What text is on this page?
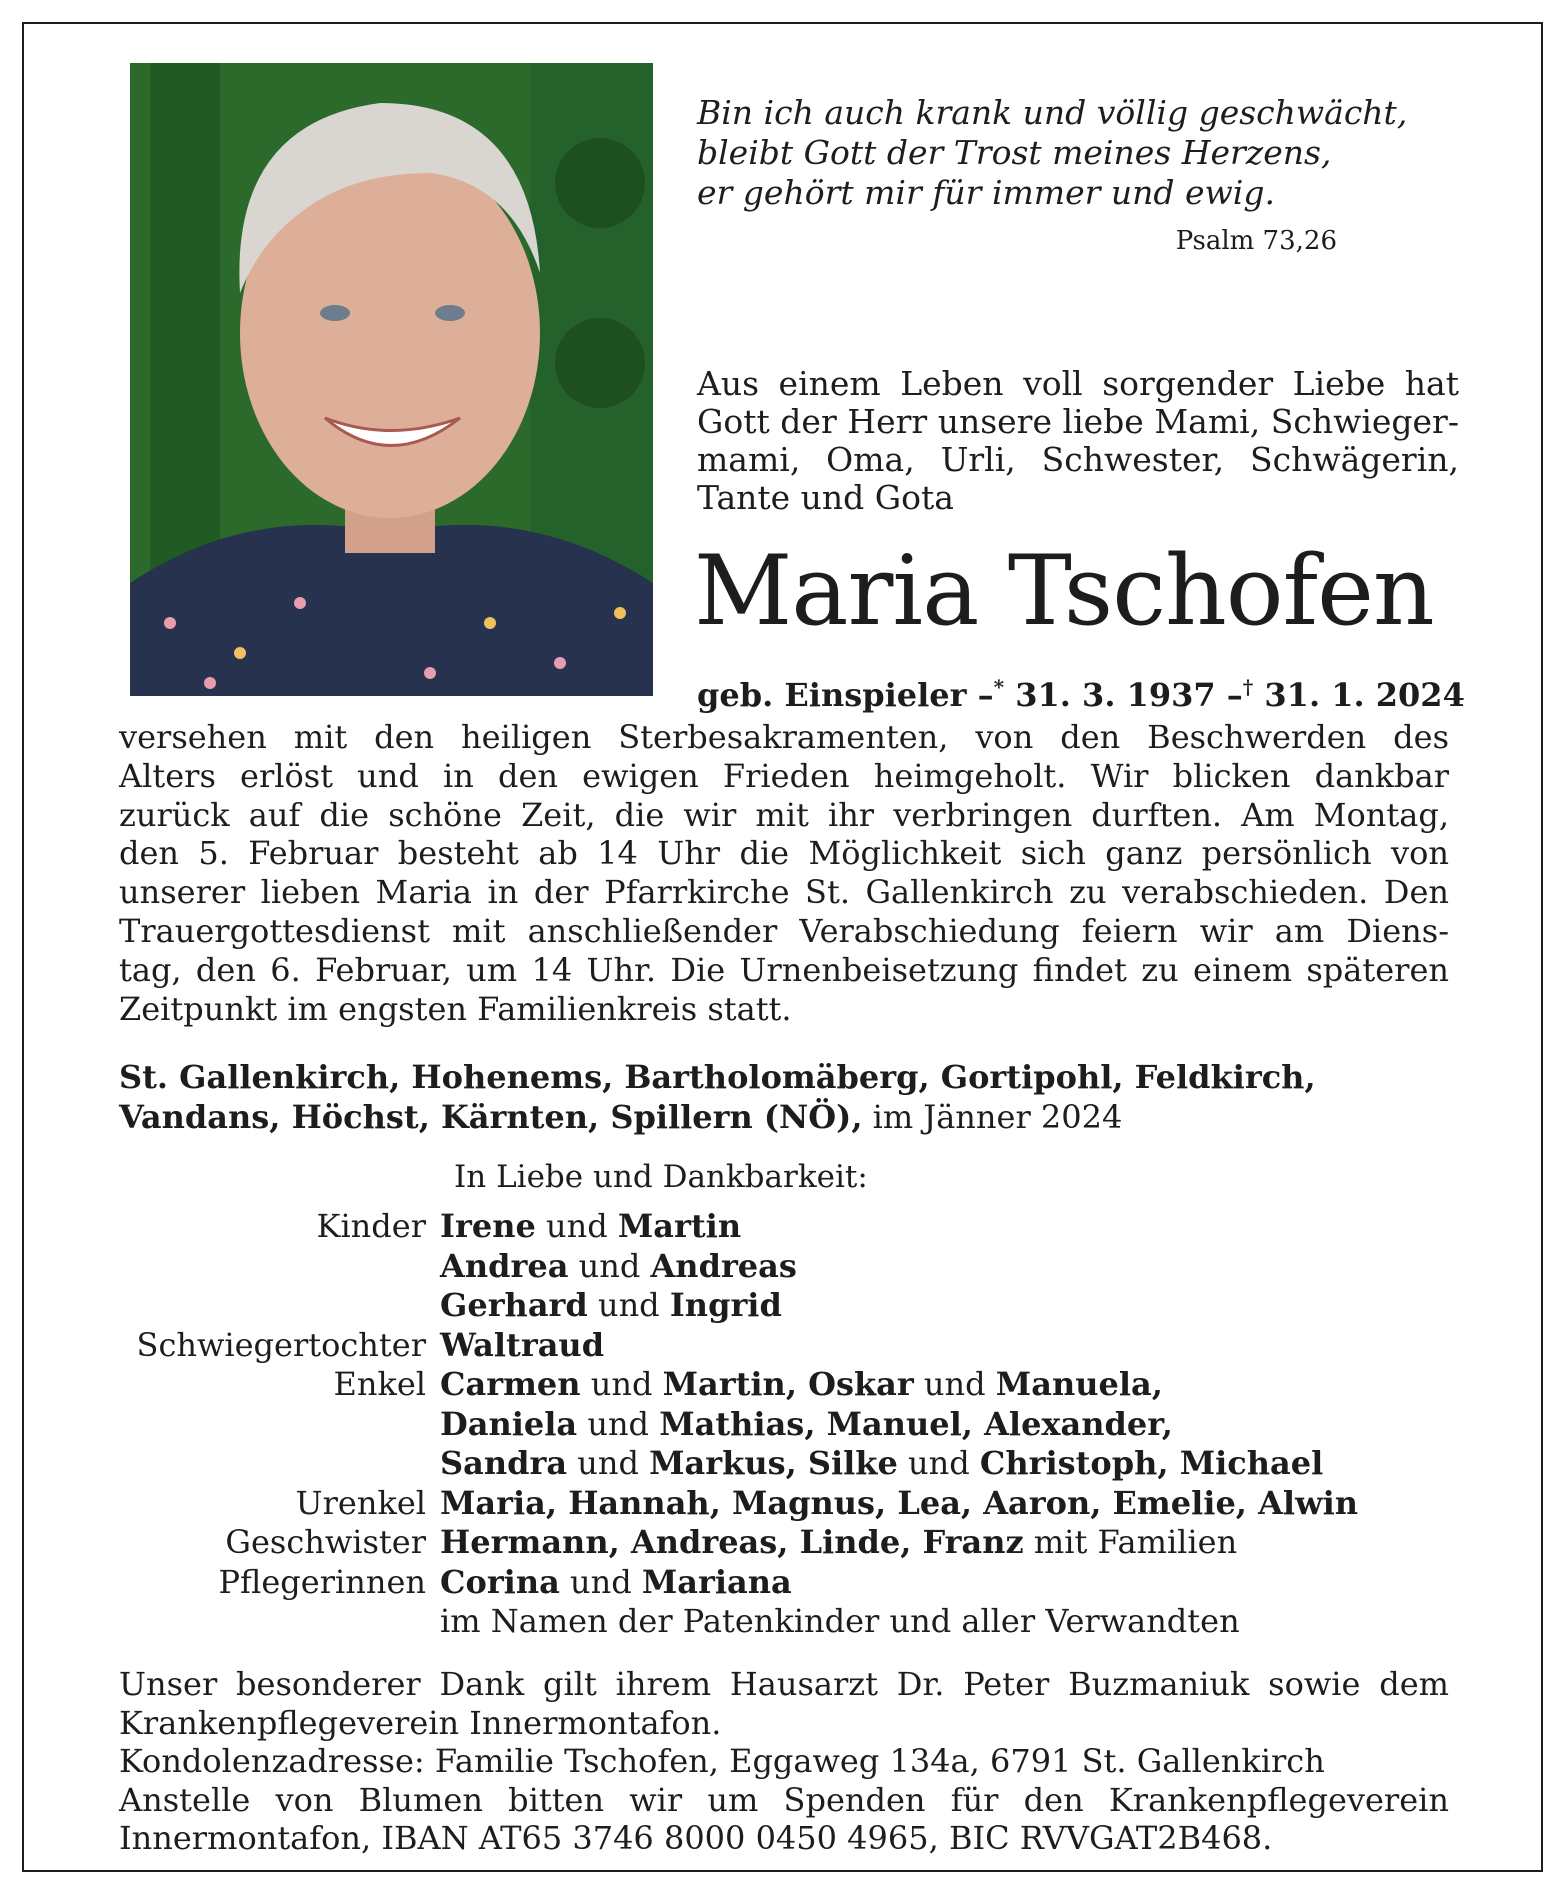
Bin ich auch krank und völlig geschwächt,
bleibt Gott der Trost meines Herzens,
er gehört mir für immer und ewig.
Psalm 73,26
Aus einem Leben voll sorgender Liebe hat
Gott der Herr unsere liebe Mami, Schwieger-
mami, Oma, Urli, Schwester, Schwägerin,
Tante und Gota
Maria Tschofen
geb. Einspieler –* 31. 3. 1937 –† 31. 1. 2024
versehen mit den heiligen Sterbesakramenten, von den Beschwerden des
Alters erlöst und in den ewigen Frieden heimgeholt. Wir blicken dankbar
zurück auf die schöne Zeit, die wir mit ihr verbringen durften. Am Montag,
den 5. Februar besteht ab 14 Uhr die Möglichkeit sich ganz persönlich von
unserer lieben Maria in der Pfarrkirche St. Gallenkirch zu verabschieden. Den
Trauergottesdienst mit anschließender Verabschiedung feiern wir am Diens-
tag, den 6. Februar, um 14 Uhr. Die Urnenbeisetzung findet zu einem späteren
Zeitpunkt im engsten Familienkreis statt.
St. Gallenkirch, Hohenems, Bartholomäberg, Gortipohl, Feldkirch,
Vandans, Höchst, Kärnten, Spillern (NÖ), im Jänner 2024
In Liebe und Dankbarkeit:
Kinder Irene und Martin
Andrea und Andreas
Gerhard und Ingrid
Schwiegertochter Waltraud
Enkel Carmen und Martin, Oskar und Manuela,
Daniela und Mathias, Manuel, Alexander,
Sandra und Markus, Silke und Christoph, Michael
Urenkel Maria, Hannah, Magnus, Lea, Aaron, Emelie, Alwin
Geschwister Hermann, Andreas, Linde, Franz mit Familien
Pflegerinnen Corina und Mariana
im Namen der Patenkinder und aller Verwandten
Unser besonderer Dank gilt ihrem Hausarzt Dr. Peter Buzmaniuk sowie dem
Krankenpflegeverein Innermontafon.
Kondolenzadresse: Familie Tschofen, Eggaweg 134a, 6791 St. Gallenkirch
Anstelle von Blumen bitten wir um Spenden für den Krankenpflegeverein
Innermontafon, IBAN AT65 3746 8000 0450 4965, BIC RVVGAT2B468.
